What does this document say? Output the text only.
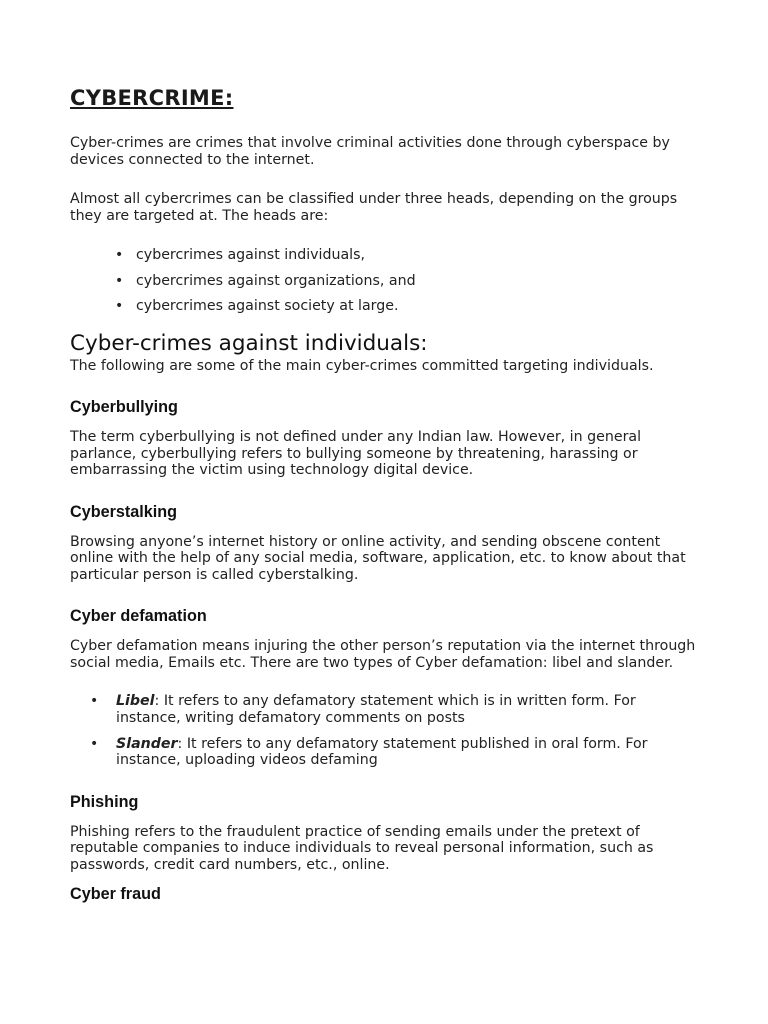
CYBERCRIME:

Cyber-crimes are crimes that involve criminal activities done through cyberspace by devices connected to the internet.

Almost all cybercrimes can be classified under three heads, depending on the groups they are targeted at. The heads are:

• cybercrimes against individuals,
• cybercrimes against organizations, and
• cybercrimes against society at large.
Cyber-crimes against individuals:

The following are some of the main cyber-crimes committed targeting individuals.

Cyberbullying

The term cyberbullying is not defined under any Indian law. However, in general parlance, cyberbullying refers to bullying someone by threatening, harassing or embarrassing the victim using technology digital device.

Cyberstalking

Browsing anyone’s internet history or online activity, and sending obscene content online with the help of any social media, software, application, etc. to know about that particular person is called cyberstalking.

Cyber defamation

Cyber defamation means injuring the other person’s reputation via the internet through social media, Emails etc. There are two types of Cyber defamation: libel and slander.

• Libel: It refers to any defamatory statement which is in written form. For instance, writing defamatory comments on posts
• Slander: It refers to any defamatory statement published in oral form. For instance, uploading videos defaming
Phishing

Phishing refers to the fraudulent practice of sending emails under the pretext of reputable companies to induce individuals to reveal personal information, such as passwords, credit card numbers, etc., online.

Cyber fraud
